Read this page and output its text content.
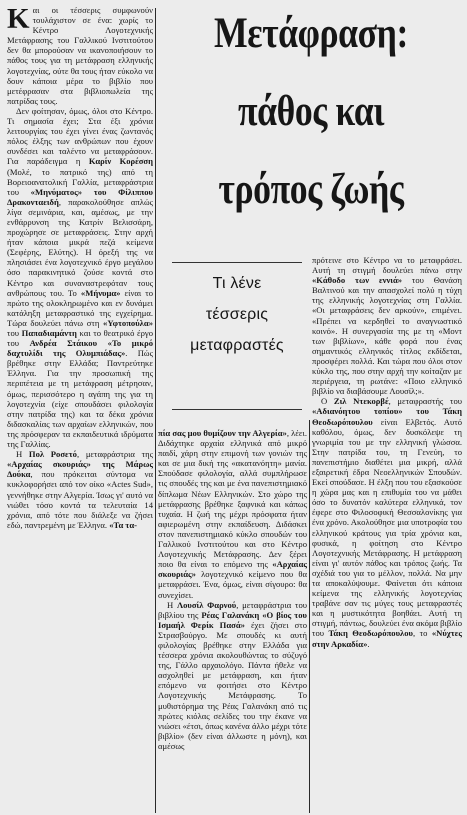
Και οι τέσσερις συμφωνούν τουλάχιστον σε ένα: χωρίς το Κέντρο Λογοτεχνικής Μετάφρασης του Γαλλικού Ινστιτούτου δεν θα μπορούσαν να ικανοποιήσουν το πάθος τους για τη μετάφραση ελληνικής λογοτεχνίας, ούτε θα τους ήταν εύκολο να δουν κάποια μέρα το βιβλίο που μετέφρασαν στα βιβλιοπωλεία της πατρίδας τους.

Δεν φοίτησαν, όμως, όλοι στο Κέντρο. Τι σημασία έχει; Στα έξι χρόνια λειτουργίας του έχει γίνει ένας ζωντανός πόλος έλξης των ανθρώπων που έχουν συνδέσει και ταλέντο να μεταφράσουν. Για παράδειγμα η Καρίν Κορέσση (Μολέ, το πατρικό της) από τη Βορειοανατολική Γαλλία, μεταφράστρια του «Μηνύματος» του Φίλιππου Δρακονταειδή, παρακολούθησε απλώς λίγα σεμινάρια, και, αμέσως, με την ενθάρρυνση της Κατρίν Βελισσάρη, προχώρησε σε μεταφράσεις. Στην αρχή ήταν κάποια μικρά πεζά κείμενα (Σεφέρης, Ελύτης). Η όρεξή της να πλησιάσει ένα λογοτεχνικό έργο μεγάλου όσο παρακινητικό ζούσε κοντά στο Κέντρο και συναναστρεφόταν τους ανθρώπους του. Το «Μήνυμα» είναι το πρώτο της ολοκληρωμένο και εν δυνάμει κατάληξη μεταφραστικό της εγχείρημα. Τώρα δουλεύει πάνω στη «Υφτοπούλα» του Παπαδιαμάντη και το θεατρικό έργο του Ανδρέα Στάικου «Το μικρό δαχτυλίδι της Ολυμπιάδας». Πώς βρέθηκε στην Ελλάδα; Παντρεύτηκε Έλληνα. Για την προσωπική της περιπέτεια με τη μετάφραση μέτρησαν, όμως, περισσότερο η αγάπη της για τη λογοτεχνία (είχε σπουδάσει φιλολογία στην πατρίδα της) και τα δέκα χρόνια διδασκαλίας των αρχαίων ελληνικών, που της πρόσφεραν τα εκπαιδευτικά ιδρύματα της Γαλλίας.

Η Πολ Ροσετό, μεταφράστρια της «Αρχαίας σκουριάς» της Μάρως Δούκα, που πρόκειται σύντομα να κυκλοφορήσει από τον οίκο «Actes Sud», γεννήθηκε στην Αλγερία. Ίσως γι' αυτό να νιώθει τόσο κοντά τα τελευταία 14 χρόνια, από τότε που διάλεξε να ζήσει εδώ, παντρεμένη με Έλληνα. «Τα τα-

Μετάφραση:
πάθος και
τρόπος ζωής
Τι λένε
τέσσερις
μεταφραστές

πία σας μου θυμίζουν την Αλγερία», λέει. Διδάχτηκε αρχαία ελληνικά από μικρό παιδί, χάρη στην επιμονή των γονιών της και σε μια δική της «ακατανόητη» μανία. Σπούδασε φιλολογία, αλλά συμπλήρωσε τις σπουδές της και με ένα πανεπιστημιακό δίπλωμα Νέων Ελληνικών. Στο χώρο της μετάφρασης βρέθηκε ξαφνικά και κάπως τυχαία. Η ζωή της μέχρι πρόσφατα ήταν αφιερωμένη στην εκπαίδευση. Διδάσκει στον πανεπιστημιακό κύκλο σπουδών του Γαλλικού Ινστιτούτου και στο Κέντρο Λογοτεχνικής Μετάφρασης. Δεν ξέρει ποιο θα είναι το επόμενο της «Αρχαίας σκουριάς» λογοτεχνικό κείμενο που θα μεταφράσει. Ένα, όμως, είναι σίγουρο: θα συνεχίσει.

Η Λουσίλ Φαρνού, μεταφράστρια του βιβλίου της Ρέας Γαλανάκη «Ο βίος του Ισμαήλ Φερίκ Πασά» έχει ζήσει στο Στρασβούργο. Με σπουδές κι αυτή φιλολογίας βρέθηκε στην Ελλάδα για τέσσερα χρόνια ακολουθώντας το σύζυγό της, Γάλλο αρχαιολόγο. Πάντα ήθελε να ασχοληθεί με μετάφραση, και ήταν επόμενο να φοιτήσει στο Κέντρο Λογοτεχνικής Μετάφρασης. Το μυθιστόρημα της Ρέας Γαλανάκη από τις πρώτες κιόλας σελίδες του την έκανε να νιώσει «έτσι, όπως κανένα άλλο μέχρι τότε βιβλίο» (δεν είναι άλλωστε η μόνη), και αμέσως

πρότεινε στο Κέντρο να το μεταφράσει. Αυτή τη στιγμή δουλεύει πάνω στην «Κάθοδο των εννιά» του Θανάση Βαλτινού και την απασχολεί πολύ η τύχη της ελληνικής λογοτεχνίας στη Γαλλία. «Οι μεταφράσεις δεν αρκούν», επιμένει. «Πρέπει να κερδηθεί το αναγνωστικό κοινό». Η συνεργασία της με τη «Μοντ των βιβλίων», κάθε φορά που ένας σημαντικός ελληνικός τίτλος εκδίδεται, προσφέρει πολλά. Και τώρα που όλοι στον κύκλο της, που στην αρχή την κοίταζαν με περιέργεια, τη ρωτάνε: «Ποιο ελληνικό βιβλίο να διαβάσουμε Λουσίλ;».

Ο Ζιλ Ντεκορβέ, μεταφραστής του «Αδιανόητου τοπίου» του Τάκη Θεοδωρόπουλου είναι Ελβετός. Αυτό καθόλου, όμως, δεν δυσκόλεψε τη γνωριμία του με την ελληνική γλώσσα. Στην πατρίδα του, τη Γενεύη, το πανεπιστήμιο διαθέτει μια μικρή, αλλά εξαιρετική έδρα Νεοελληνικών Σπουδών. Εκεί σπούδασε. Η έλξη που του εξασκούσε η χώρα μας και η επιθυμία του να μάθει όσο το δυνατόν καλύτερα ελληνικά, τον έφερε στο Φιλοσοφική Θεσσαλονίκης για ένα χρόνο. Ακολούθησε μια υποτροφία του ελληνικού κράτους για τρία χρόνια και, φυσικά, η φοίτηση στο Κέντρο Λογοτεχνικής Μετάφρασης. Η μετάφραση είναι γι' αυτόν πάθος και τρόπος ζωής. Τα σχέδιά του για το μέλλον, πολλά. Να μην τα αποκαλύψουμε. Φαίνεται ότι κάποια κείμενα της ελληνικής λογοτεχνίας τραβάνε σαν τις μύγες τους μεταφραστές και η μυστικότητα βοηθάει. Αυτή τη στιγμή, πάντως, δουλεύει ένα ακόμα βιβλίο του Τάκη Θεοδωρόπουλου, το «Νύχτες στην Αρκαδία».
